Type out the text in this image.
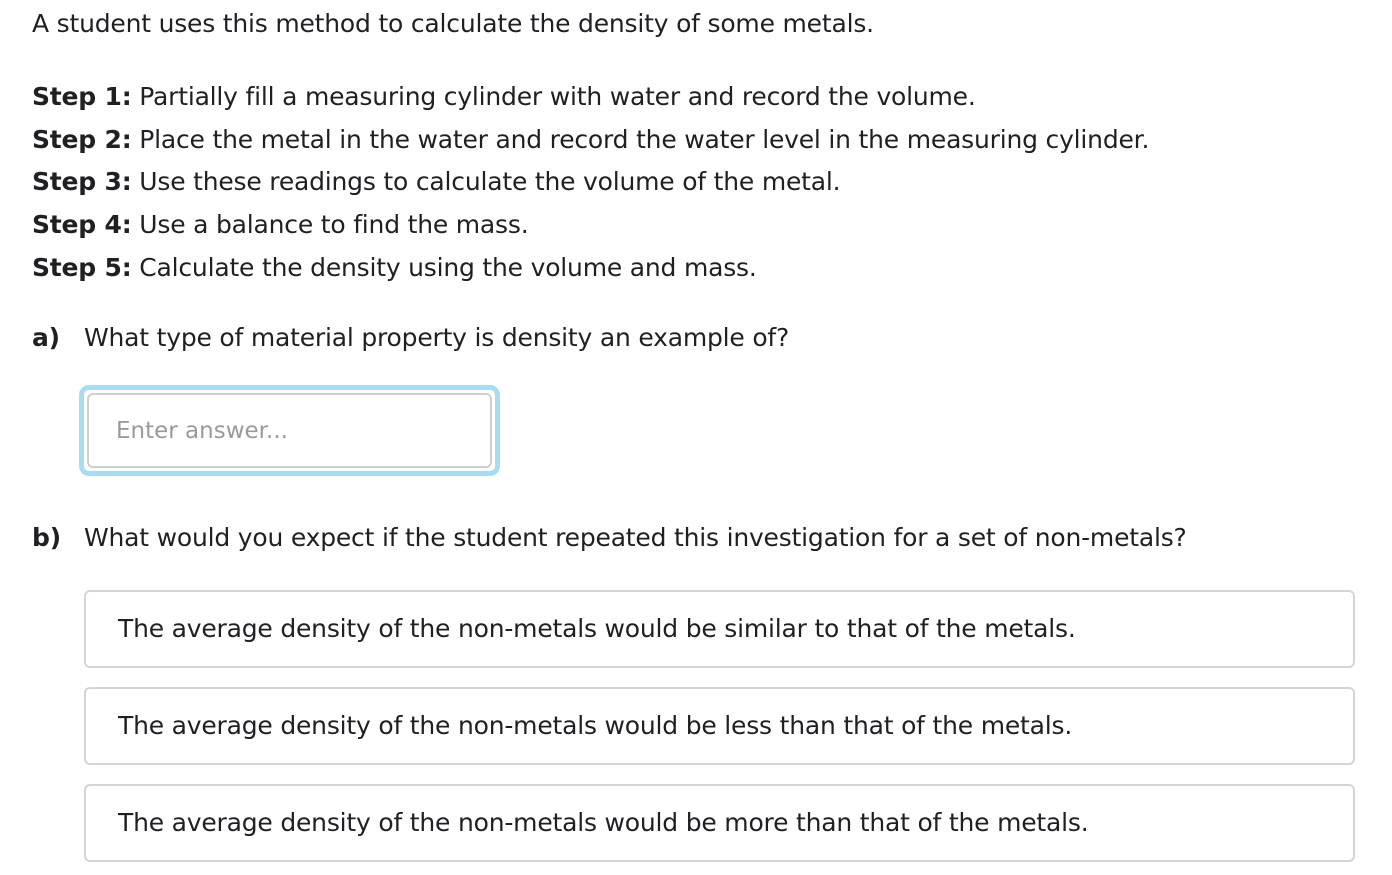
A student uses this method to calculate the density of some metals.
Step 1: Partially fill a measuring cylinder with water and record the volume.
Step 2: Place the metal in the water and record the water level in the measuring cylinder.
Step 3: Use these readings to calculate the volume of the metal.
Step 4: Use a balance to find the mass.
Step 5: Calculate the density using the volume and mass.
a) What type of material property is density an example of?
Enter answer...
b) What would you expect if the student repeated this investigation for a set of non-metals?
The average density of the non-metals would be similar to that of the metals.
The average density of the non-metals would be less than that of the metals.
The average density of the non-metals would be more than that of the metals.
